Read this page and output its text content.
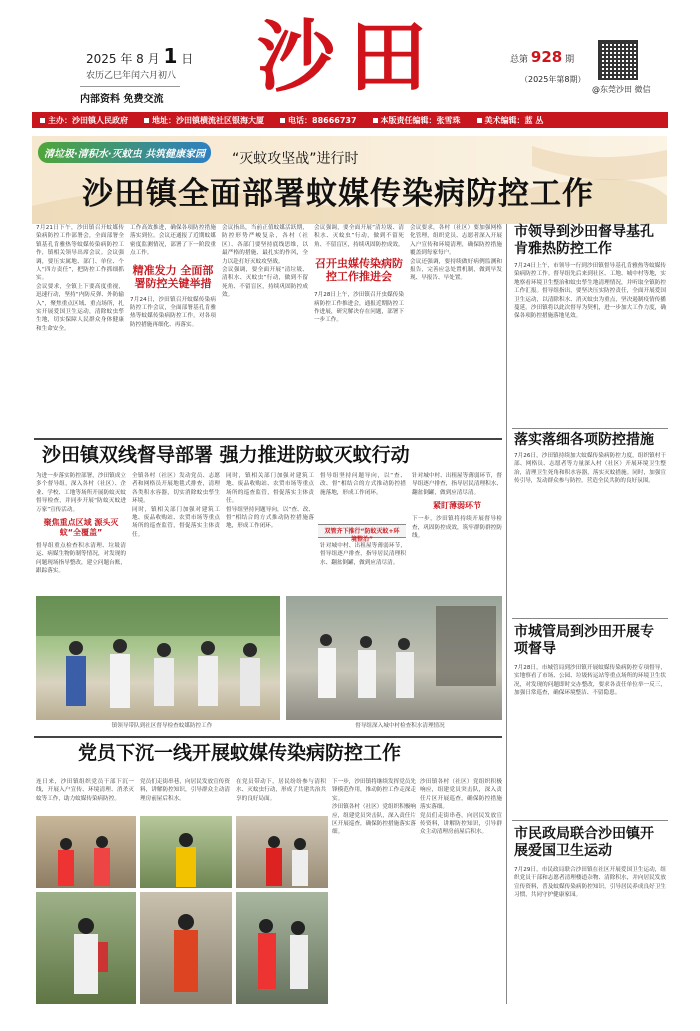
2025 年 8 月 1 日
农历乙巳年闰六月初八
内部资料 免费交流 沙田	总第 928 期
（2025年第8期）
@东莞沙田 微信
主办：沙田镇人民政府	地址：沙田镇横流社区银海大厦	电话：88666737	本版责任编辑：张雪珠	美术编辑：蓝 丛
清垃圾·清积水·灭蚊虫 共筑健康家园	“灭蚊攻坚战”进行时
沙田镇全面部署蚊媒传染病防控工作

7月21日下午，沙田镇召开蚊媒传染病防控工作部署会，全面部署全镇基孔肯雅热等蚊媒传染病防控工作，镇相关领导出席会议。会议强调，要压实属地、部门、单位、个人“四方责任”，把防控工作抓细抓实。

会议要求，全镇上下要高度重视，迅速行动，坚持“内防反弹、外防输入”，聚焦重点区域、重点场所，扎实开展爱国卫生运动，清除蚊虫孳生地，切实保障人民群众身体健康和生命安全。

工作高效推进，确保各项防控措施落实到位。会议还通报了近期蚊媒密度监测情况，部署了下一阶段重点工作。

精准发力 全面部署防控关键举措

7月24日，沙田镇召开蚊媒传染病防控工作会议，全面部署基孔肯雅热等蚊媒传染病防控工作，对各项防控措施再细化、再落实。

会议指出，当前正值蚊媒活跃期，防控形势严峻复杂，各村（社区）、各部门要坚持底线思维，以最严格的措施、最扎实的作风，全力以赴打好灭蚊攻坚战。

会议强调，要全面开展“清垃圾、清积水、灭蚊虫”行动，做到不留死角、不留盲区，持续巩固防控成效。

会议强调，要全面开展“清垃圾、清积水、灭蚊虫”行动，做到不留死角、不留盲区，持续巩固防控成效。

召开虫媒传染病防控工作推进会

7月28日上午，沙田镇召开虫媒传染病防控工作推进会，通报近期防控工作进展，研究解决存在问题，部署下一步工作。

会议要求，各村（社区）要加强网格化管理，组织党员、志愿者深入开展入户宣传和环境清理，确保防控措施覆盖到每家每户。

会议还强调，要持续做好病例监测和报告，完善应急处置机制，做到早发现、早报告、早处置。

市领导到沙田督导基孔肯雅热防控工作
7月24日上午，市领导一行到沙田镇督导基孔肯雅热等蚊媒传染病防控工作。督导组先后来到社区、工地、城中村等地，实地察看环境卫生整治和蚊虫孳生地清理情况，并听取全镇防控工作汇报。督导组指出，要坚决压实防控责任，全面开展爱国卫生运动，以清除积水、消灭蚊虫为重点，坚决遏制疫情传播蔓延。沙田镇将以此次督导为契机，进一步加大工作力度，确保各项防控措施落地见效。
落实落细各项防控措施
7月26日，沙田镇持续加大蚊媒传染病防控力度，组织镇村干部、网格员、志愿者等力量深入村（社区）开展环境卫生整治，清理卫生死角和积水容器，落实灭蚊措施。同时，加强宣传引导，发动群众参与防控，营造全民共防的良好氛围。
市城管局到沙田开展专项督导
7月28日，市城管局到沙田镇开展蚊媒传染病防控专项督导，实地察看了市场、公园、垃圾转运站等重点场所的环境卫生状况，对发现的问题即时交办整改，要求各责任单位举一反三，加强日常巡查，确保环境整洁、不留隐患。
市民政局联合沙田镇开展爱国卫生运动
7月29日，市民政局联合沙田镇在社区开展爱国卫生运动，组织党员干部和志愿者清理楼道杂物、清除积水，并向居民发放宣传资料，普及蚊媒传染病防控知识，引导居民养成良好卫生习惯，共同守护健康家园。
沙田镇双线督导部署 强力推进防蚊灭蚊行动

为进一步落实防控部署，沙田镇成立多个督导组，深入各村（社区）、企业、学校、工地等场所开展防蚊灭蚊督导检查，并同步开展“防蚊灭蚊进万家”宣传活动。

聚焦重点区域 源头灭蚊“全覆盖”

督导组重点检查积水清理、垃圾清运、病媒生物防制等情况，对发现的问题现场指导整改，建立问题台账，跟踪落实。

全镇各村（社区）发动党员、志愿者和网格员开展地毯式排查，清理各类积水容器，切实消除蚊虫孳生环境。

同时，镇相关部门加强对建筑工地、废品收购站、农贸市场等重点场所的巡查监管，督促落实主体责任。

同时，镇相关部门加强对建筑工地、废品收购站、农贸市场等重点场所的巡查监管，督促落实主体责任。

督导组坚持问题导向，以“查、改、督”相结合的方式推动防控措施落地，形成工作闭环。

督导组坚持问题导向，以“查、改、督”相结合的方式推动防控措施落地，形成工作闭环。

双管齐下推行“防蚊灭蚊+环境整治”

针对城中村、出租屋等薄弱环节，督导组逐户排查，指导居民清理积水、翻盆倒罐，做到应清尽清。

针对城中村、出租屋等薄弱环节，督导组逐户排查，指导居民清理积水、翻盆倒罐，做到应清尽清。

紧盯薄弱环节

下一步，沙田镇将持续开展督导检查，巩固防控成效，筑牢群防群控防线。

镇领导带队到社区督导检查蚊媒防控工作	督导组深入城中村检查积水清理情况
党员下沉一线开展蚊媒传染病防控工作

连日来，沙田镇组织党员干部下沉一线，开展入户宣传、环境清理、消杀灭蚊等工作，助力蚊媒传染病防控。

党员们走街串巷，向居民发放宣传资料，讲解防控知识，引导群众主动清理房前屋后积水。

在党员带动下，居民纷纷参与清积水、灭蚊虫行动，形成了共建共治共享的良好局面。

下一步，沙田镇将继续发挥党员先锋模范作用，推动防控工作走深走实。

沙田镇各村（社区）党组织积极响应，组建党员突击队，深入责任片区开展巡查，确保防控措施落实落细。

沙田镇各村（社区）党组织积极响应，组建党员突击队，深入责任片区开展巡查，确保防控措施落实落细。

党员们走街串巷，向居民发放宣传资料，讲解防控知识，引导群众主动清理房前屋后积水。
